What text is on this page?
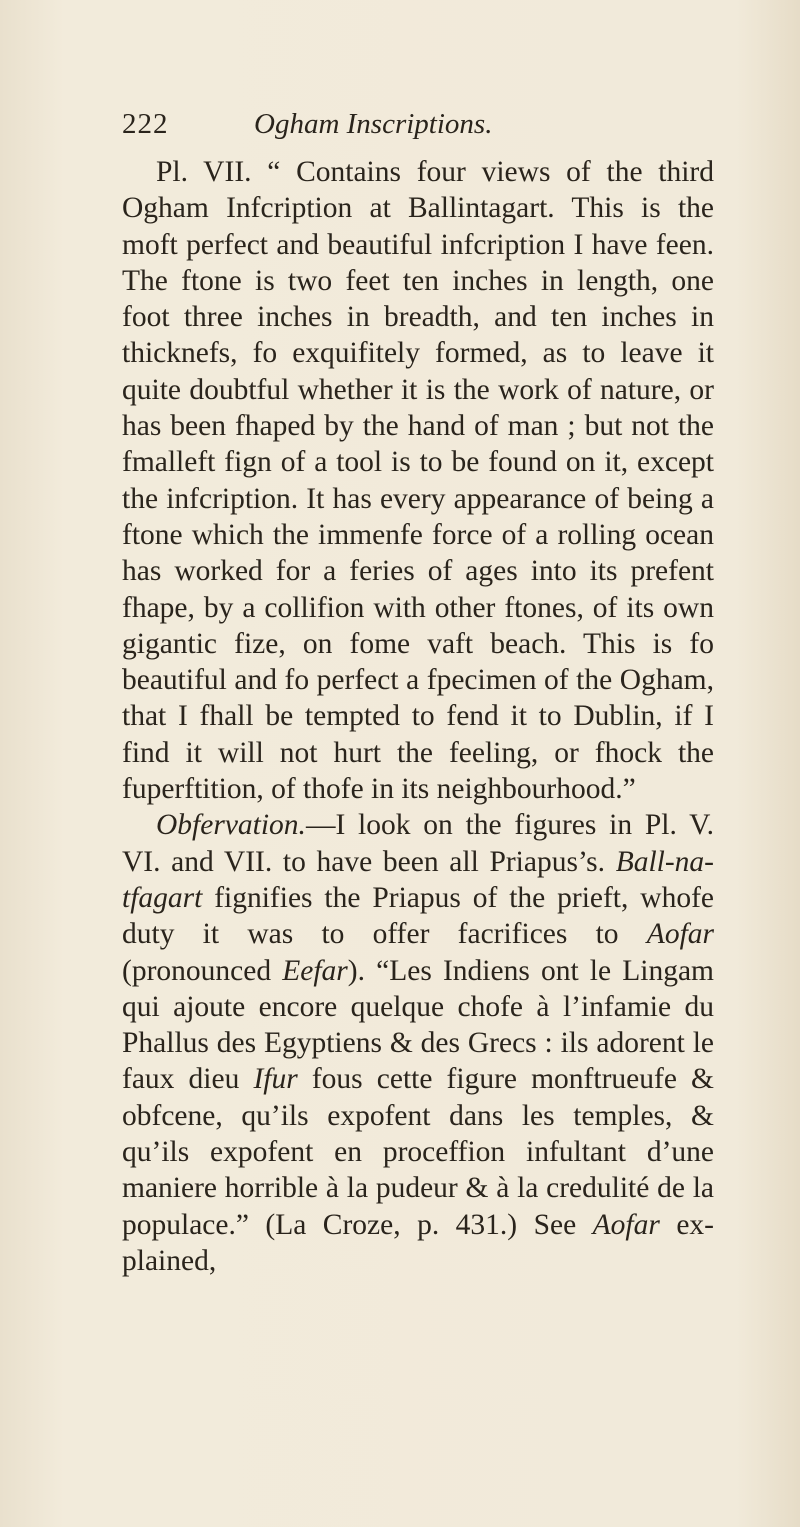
222	Ogham Inscriptions.

Pl. VII. “ Contains four views of the third Ogham Infcription at Ballintagart. This is the moft perfect and beautiful infcription I have feen. The ftone is two feet ten inches in length, one foot three inches in breadth, and ten inches in thicknefs, fo exquifitely formed, as to leave it quite doubtful whether it is the work of nature, or has been fhaped by the hand of man ; but not the fmalleft fign of a tool is to be found on it, except the infcription. It has every appearance of being a ftone which the immenfe force of a rolling ocean has worked for a feries of ages into its prefent fhape, by a collifion with other ftones, of its own gigantic fize, on fome vaft beach. This is fo beautiful and fo perfect a fpecimen of the Ogham, that I fhall be tempted to fend it to Dublin, if I find it will not hurt the feeling, or fhock the fuperftition, of thofe in its neighbourhood.”

Obfervation.—I look on the figures in Pl. V. VI. and VII. to have been all Priapus’s. Ball-na-tfagart fignifies the Priapus of the prieft, whofe duty it was to offer facrifices to Aofar (pronounced Eefar). “Les Indiens ont le Lingam qui ajoute encore quelque chofe à l’infamie du Phallus des Egyptiens & des Grecs : ils adorent le faux dieu Ifur fous cette figure monftrueufe & obfcene, qu’ils expofent dans les temples, & qu’ils expofent en proceffion infultant d’une maniere horrible à la pudeur & à la credulité de la populace.” (La Croze, p. 431.) See Aofar ex-plained,
